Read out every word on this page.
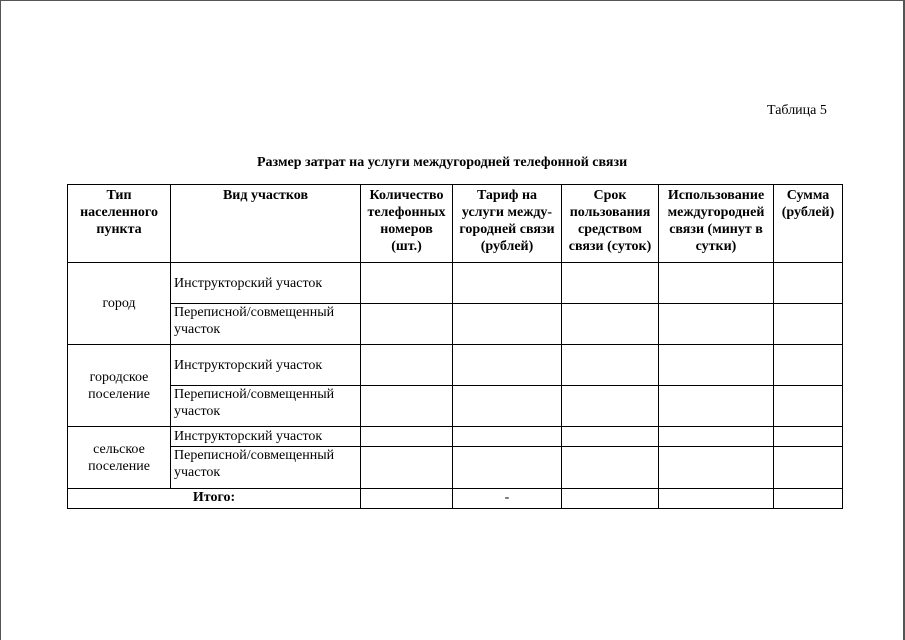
Таблица 5
Размер затрат на услуги междугородней телефонной связи
Тип населенного пункта	Вид участков	Количество телефонных номеров (шт.)	Тариф на услуги между-городней связи (рублей)	Срок пользования средством связи (суток)	Использование междугородней связи (минут в сутки)	Сумма (рублей)
город	Инструкторский участок					
	Переписной/совмещенный участок					
городское поселение	Инструкторский участок					
	Переписной/совмещенный участок					
сельское поселение	Инструкторский участок					
	Переписной/совмещенный участок					
Итого:			-			
